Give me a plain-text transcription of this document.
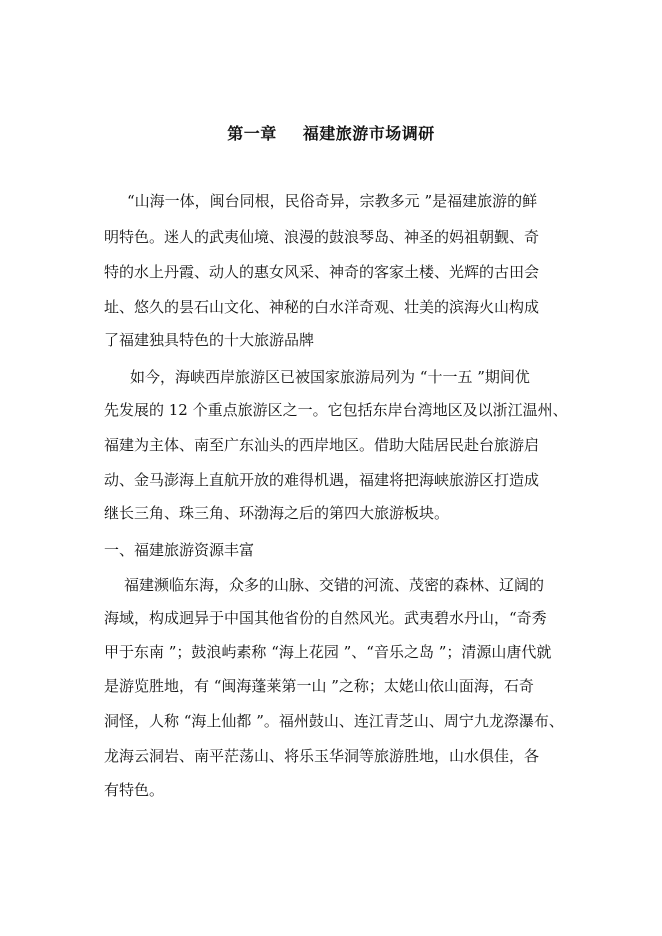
第一章 福建旅游市场调研
“山海一体，闽台同根，民俗奇异，宗教多元 ”是福建旅游的鲜
明特色。迷人的武夷仙境、浪漫的鼓浪琴岛、神圣的妈祖朝觐、奇
特的水上丹霞、动人的惠女风采、神奇的客家土楼、光辉的古田会
址、悠久的昙石山文化、神秘的白水洋奇观、壮美的滨海火山构成
了福建独具特色的十大旅游品牌
如今，海峡西岸旅游区已被国家旅游局列为 “十一五 ”期间优
先发展的 12 个重点旅游区之一。它包括东岸台湾地区及以浙江温州、
福建为主体、南至广东汕头的西岸地区。借助大陆居民赴台旅游启
动、金马澎海上直航开放的难得机遇，福建将把海峡旅游区打造成
继长三角、珠三角、环渤海之后的第四大旅游板块。
一、福建旅游资源丰富
福建濒临东海，众多的山脉、交错的河流、茂密的森林、辽阔的
海域，构成迥异于中国其他省份的自然风光。武夷碧水丹山，“奇秀
甲于东南 ”；鼓浪屿素称 “海上花园 ”、“音乐之岛 ”；清源山唐代就
是游览胜地，有 “闽海蓬莱第一山 ”之称；太姥山依山面海，石奇
洞怪，人称 “海上仙都 ”。福州鼓山、连江青芝山、周宁九龙漈瀑布、
龙海云洞岩、南平茫荡山、将乐玉华洞等旅游胜地，山水俱佳，各
有特色。
